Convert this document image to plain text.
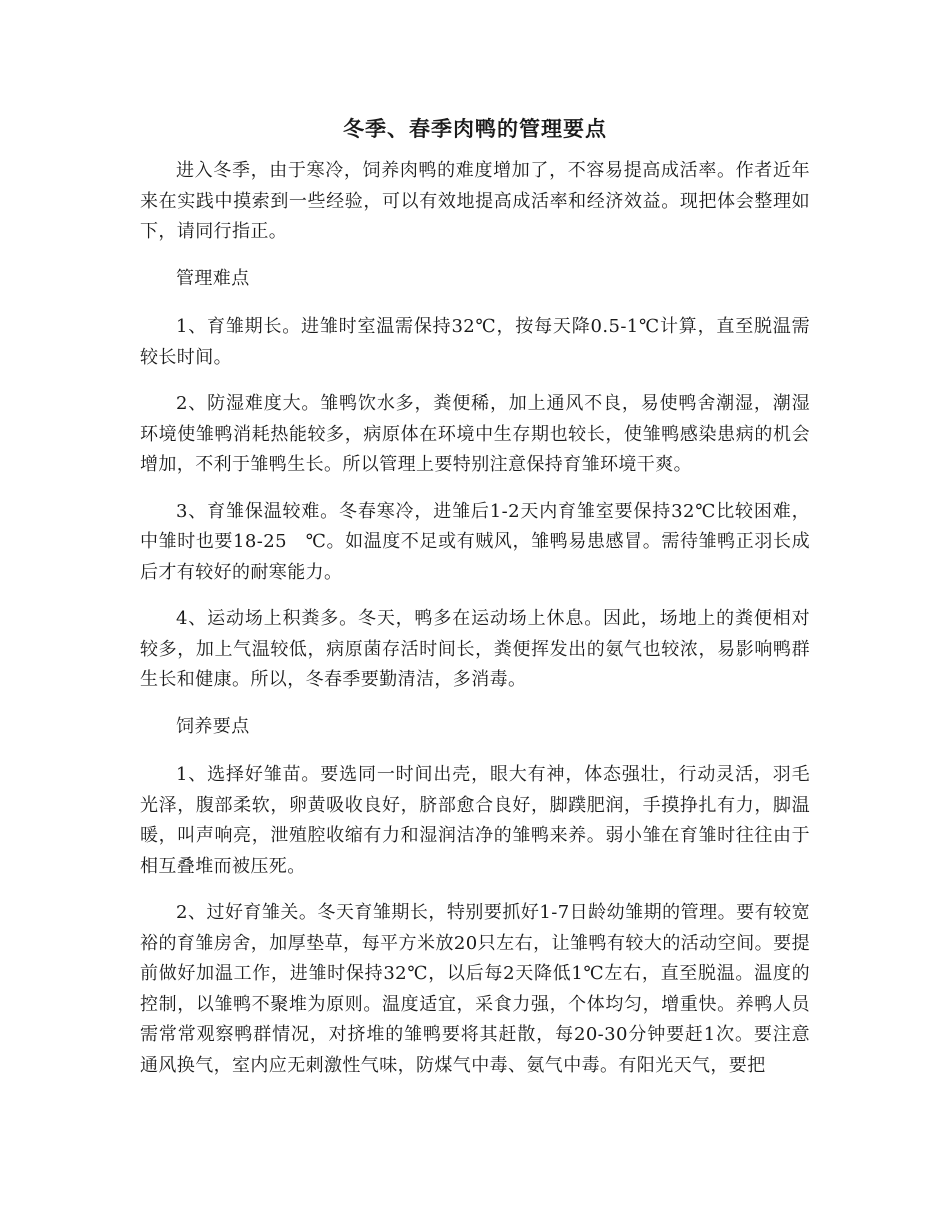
冬季、春季肉鸭的管理要点

进入冬季，由于寒冷，饲养肉鸭的难度增加了，不容易提高成活率。作者近年来在实践中摸索到一些经验，可以有效地提高成活率和经济效益。现把体会整理如下，请同行指正。

管理难点

1、育雏期长。进雏时室温需保持32℃，按每天降0.5-1℃计算，直至脱温需较长时间。

2、防湿难度大。雏鸭饮水多，粪便稀，加上通风不良，易使鸭舍潮湿，潮湿环境使雏鸭消耗热能较多，病原体在环境中生存期也较长，使雏鸭感染患病的机会增加，不利于雏鸭生长。所以管理上要特别注意保持育雏环境干爽。

3、育雏保温较难。冬春寒冷，进雏后1-2天内育雏室要保持32℃比较困难，中雏时也要18-25　℃。如温度不足或有贼风，雏鸭易患感冒。需待雏鸭正羽长成后才有较好的耐寒能力。

4、运动场上积粪多。冬天，鸭多在运动场上休息。因此，场地上的粪便相对较多，加上气温较低，病原菌存活时间长，粪便挥发出的氨气也较浓，易影响鸭群生长和健康。所以，冬春季要勤清洁，多消毒。

饲养要点

1、选择好雏苗。要选同一时间出壳，眼大有神，体态强壮，行动灵活，羽毛光泽，腹部柔软，卵黄吸收良好，脐部愈合良好，脚蹼肥润，手摸挣扎有力，脚温暖，叫声响亮，泄殖腔收缩有力和湿润洁净的雏鸭来养。弱小雏在育雏时往往由于相互叠堆而被压死。

2、过好育雏关。冬天育雏期长，特别要抓好1-7日龄幼雏期的管理。要有较宽裕的育雏房舍，加厚垫草，每平方米放20只左右，让雏鸭有较大的活动空间。要提前做好加温工作，进雏时保持32℃，以后每2天降低1℃左右，直至脱温。温度的控制，以雏鸭不聚堆为原则。温度适宜，采食力强，个体均匀，增重快。养鸭人员需常常观察鸭群情况，对挤堆的雏鸭要将其赶散，每20-30分钟要赶1次。要注意通风换气，室内应无刺激性气味，防煤气中毒、氨气中毒。有阳光天气，要把
